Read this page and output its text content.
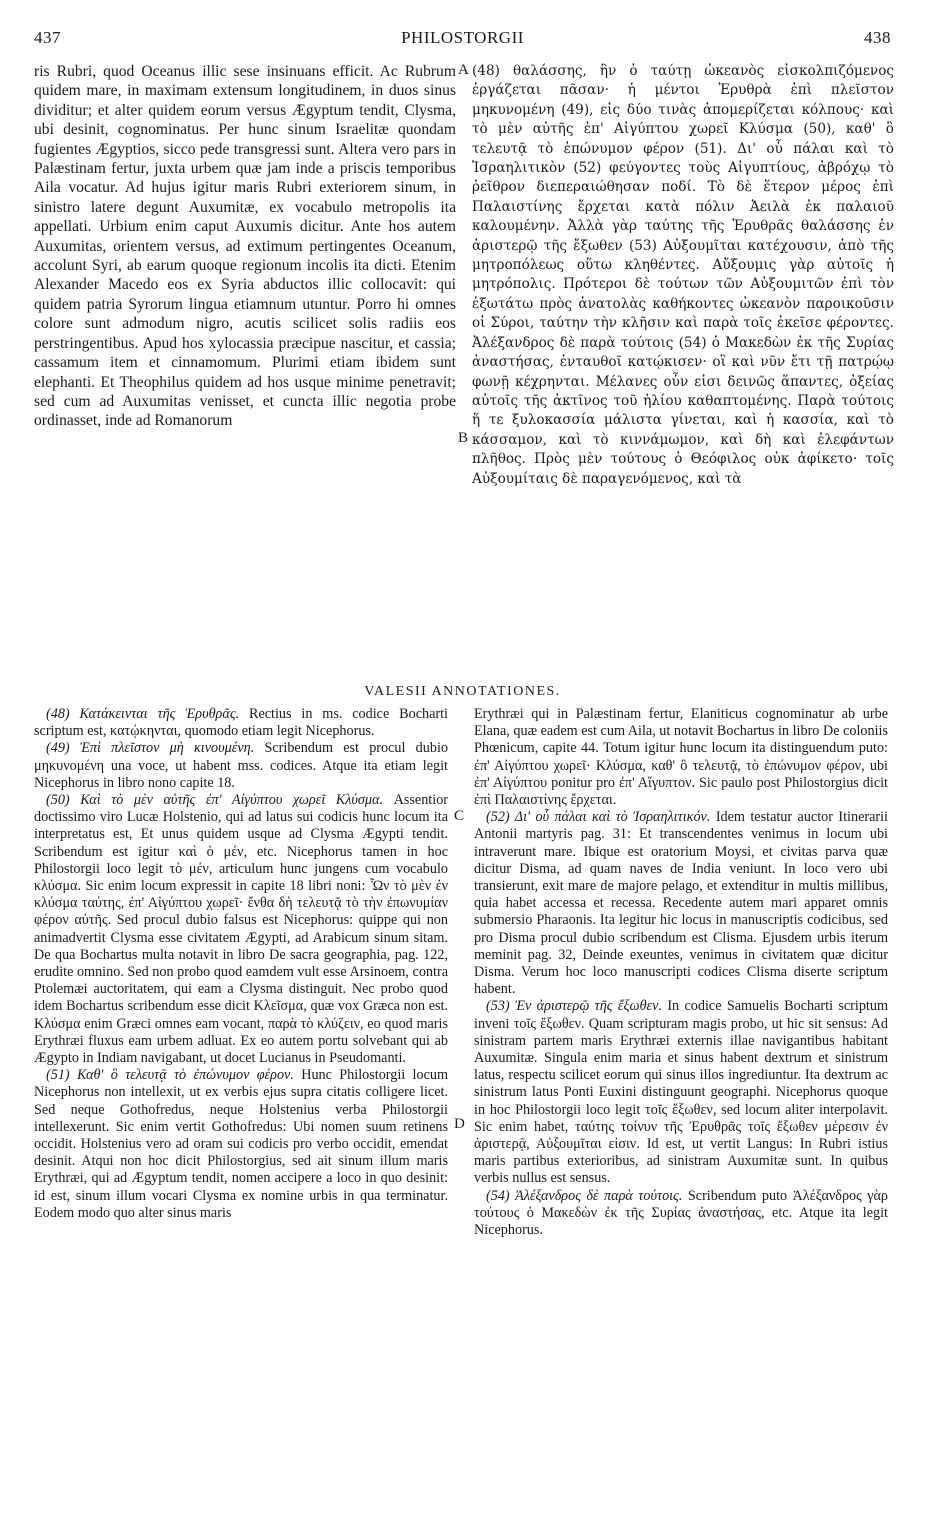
437	PHILOSTORGII	438

ris Rubri, quod Oceanus illic sese insinuans efficit. Ac Rubrum quidem mare, in maximam extensum longitudinem, in duos sinus dividitur; et alter quidem eorum versus Ægyptum tendit, Clysma, ubi desinit, cognominatus. Per hunc sinum Israelitæ quondam fugientes Ægyptios, sicco pede transgressi sunt. Altera vero pars in Palæstinam fertur, juxta urbem quæ jam inde a priscis temporibus Aila vocatur. Ad hujus igitur maris Rubri exteriorem sinum, in sinistro latere degunt Auxumitæ, ex vocabulo metropolis ita appellati. Urbium enim caput Auxumis dicitur. Ante hos autem Auxumitas, orientem versus, ad extimum pertingentes Oceanum, accolunt Syri, ab earum quoque regionum incolis ita dicti. Etenim Alexander Macedo eos ex Syria abductos illic collocavit: qui quidem patria Syrorum lingua etiamnum utuntur. Porro hi omnes colore sunt admodum nigro, acutis scilicet solis radiis eos perstringentibus. Apud hos xylocassia præcipue nascitur, et cassia; cassamum item et cinnamomum. Plurimi etiam ibidem sunt elephanti. Et Theophilus quidem ad hos usque minime penetravit; sed cum ad Auxumitas venisset, et cuncta illic negotia probe ordinasset, inde ad Romanorum

A
B

(48) θαλάσσης, ἣν ὁ ταύτῃ ὠκεανὸς εἰσκολπιζόμενος ἐργάζεται πᾶσαν· ἡ μέντοι Ἐρυθρὰ ἐπὶ πλεῖστον μηκυνομένη (49), εἰς δύο τινὰς ἀπομερίζεται κόλπους· καὶ τὸ μὲν αὐτῆς ἐπ' Αἰγύπτου χωρεῖ Κλύσμα (50), καθ' ὃ τελευτᾷ τὸ ἐπώνυμον φέρον (51). Δι' οὗ πάλαι καὶ τὸ Ἰσραηλιτικὸν (52) φεύγοντες τοὺς Αἰγυπτίους, ἀβρόχῳ τὸ ῥεῖθρον διεπεραιώθησαν ποδί. Τὸ δὲ ἕτερον μέρος ἐπὶ Παλαιστίνης ἔρχεται κατὰ πόλιν Ἀειλὰ ἐκ παλαιοῦ καλουμένην. Ἀλλὰ γὰρ ταύτης τῆς Ἐρυθρᾶς θαλάσσης ἐν ἀριστερῷ τῆς ἔξωθεν (53) Αὐξουμῖται κατέχουσιν, ἀπὸ τῆς μητροπόλεως οὕτω κληθέντες. Αὔξουμις γὰρ αὐτοῖς ἡ μητρόπολις. Πρότεροι δὲ τούτων τῶν Αὐξουμιτῶν ἐπὶ τὸν ἐξωτάτω πρὸς ἀνατολὰς καθήκοντες ὠκεανὸν παροικοῦσιν οἱ Σύροι, ταύτην τὴν κλῆσιν καὶ παρὰ τοῖς ἐκεῖσε φέροντες. Ἀλέξανδρος δὲ παρὰ τούτοις (54) ὁ Μακεδὼν ἐκ τῆς Συρίας ἀναστήσας, ἐνταυθοῖ κατῴκισεν· οἳ καὶ νῦν ἔτι τῇ πατρῴῳ φωνῇ κέχρηνται. Μέλανες οὖν εἰσι δεινῶς ἅπαντες, ὀξείας αὐτοῖς τῆς ἀκτῖνος τοῦ ἡλίου καθαπτομένης. Παρὰ τούτοις ἥ τε ξυλοκασσία μάλιστα γίνεται, καὶ ἡ κασσία, καὶ τὸ κάσσαμον, καὶ τὸ κιννάμωμον, καὶ δὴ καὶ ἐλεφάντων πλῆθος. Πρὸς μὲν τούτους ὁ Θεόφιλος οὐκ ἀφίκετο· τοῖς Αὐξουμίταις δὲ παραγενόμενος, καὶ τὰ

VALESII ANNOTATIONES.

(48) Κατάκεινται τῆς Ἐρυθρᾶς. Rectius in ms. codice Bocharti scriptum est, κατῴκηνται, quomodo etiam legit Nicephorus.

(49) Ἐπὶ πλεῖστον μὴ κινουμένη. Scribendum est procul dubio μηκυνομένη una voce, ut habent mss. codices. Atque ita etiam legit Nicephorus in libro nono capite 18.

(50) Καὶ τὸ μὲν αὐτῆς ἐπ' Αἰγύπτου χωρεῖ Κλύσμα. Assentior doctissimo viro Lucæ Holstenio, qui ad latus sui codicis hunc locum ita interpretatus est, Et unus quidem usque ad Clysma Ægypti tendit. Scribendum est igitur καὶ ὁ μέν, etc. Nicephorus tamen in hoc Philostorgii loco legit τὸ μέν, articulum hunc jungens cum vocabulo κλύσμα. Sic enim locum expressit in capite 18 libri noni: Ὧν τὸ μὲν ἐν κλύσμα ταύτης, ἐπ' Αἰγύπτου χωρεῖ· ἔνθα δὴ τελευτᾷ τὸ τὴν ἐπωνυμίαν φέρον αὐτῆς. Sed procul dubio falsus est Nicephorus: quippe qui non animadvertit Clysma esse civitatem Ægypti, ad Arabicum sinum sitam. De qua Bochartus multa notavit in libro De sacra geographia, pag. 122, erudite omnino. Sed non probo quod eamdem vult esse Arsinoem, contra Ptolemæi auctoritatem, qui eam a Clysma distinguit. Nec probo quod idem Bochartus scribendum esse dicit Κλεῖσμα, quæ vox Græca non est. Κλύσμα enim Græci omnes eam vocant, παρὰ τὸ κλύζειν, eo quod maris Erythræi fluxus eam urbem adluat. Ex eo autem portu solvebant qui ab Ægypto in Indiam navigabant, ut docet Lucianus in Pseudomanti.

(51) Καθ' ὃ τελευτᾷ τὸ ἐπώνυμον φέρον. Hunc Philostorgii locum Nicephorus non intellexit, ut ex verbis ejus supra citatis colligere licet. Sed neque Gothofredus, neque Holstenius verba Philostorgii intellexerunt. Sic enim vertit Gothofredus: Ubi nomen suum retinens occidit. Holstenius vero ad oram sui codicis pro verbo occidit, emendat desinit. Atqui non hoc dicit Philostorgius, sed ait sinum illum maris Erythræi, qui ad Ægyptum tendit, nomen accipere a loco in quo desinit: id est, sinum illum vocari Clysma ex nomine urbis in qua terminatur. Eodem modo quo alter sinus maris

C
D

Erythræi qui in Palæstinam fertur, Elaniticus cognominatur ab urbe Elana, quæ eadem est cum Aila, ut notavit Bochartus in libro De coloniis Phœnicum, capite 44. Totum igitur hunc locum ita distinguendum puto: ἐπ' Αἰγύπτου χωρεῖ· Κλύσμα, καθ' ὃ τελευτᾷ, τὸ ἐπώνυμον φέρον, ubi ἐπ' Αἰγύπτου ponitur pro ἐπ' Αἴγυπτον. Sic paulo post Philostorgius dicit ἐπὶ Παλαιστίνης ἔρχεται.

(52) Δι' οὗ πάλαι καὶ τὸ Ἰσραηλιτικόν. Idem testatur auctor Itinerarii Antonii martyris pag. 31: Et transcendentes venimus in locum ubi intraverunt mare. Ibique est oratorium Moysi, et civitas parva quæ dicitur Disma, ad quam naves de India veniunt. In loco vero ubi transierunt, exit mare de majore pelago, et extenditur in multis millibus, quia habet accessa et recessa. Recedente autem mari apparet omnis submersio Pharaonis. Ita legitur hic locus in manuscriptis codicibus, sed pro Disma procul dubio scribendum est Clisma. Ejusdem urbis iterum meminit pag. 32, Deinde exeuntes, venimus in civitatem quæ dicitur Disma. Verum hoc loco manuscripti codices Clisma diserte scriptum habent.

(53) Ἐν ἀριστερῷ τῆς ἔξωθεν. In codice Samuelis Bocharti scriptum inveni τοῖς ἔξωθεν. Quam scripturam magis probo, ut hic sit sensus: Ad sinistram partem maris Erythræi externis illae navigantibus habitant Auxumitæ. Singula enim maria et sinus habent dextrum et sinistrum latus, respectu scilicet eorum qui sinus illos ingrediuntur. Ita dextrum ac sinistrum latus Ponti Euxini distinguunt geographi. Nicephorus quoque in hoc Philostorgii loco legit τοῖς ἔξωθεν, sed locum aliter interpolavit. Sic enim habet, ταύτης τοίνυν τῆς Ἐρυθρᾶς τοῖς ἔξωθεν μέρεσιν ἐν ἀριστερᾷ, Αὐξουμῖται εἰσιν. Id est, ut vertit Langus: In Rubri istius maris partibus exterioribus, ad sinistram Auxumitæ sunt. In quibus verbis nullus est sensus.

(54) Ἀλέξανδρος δὲ παρὰ τούτοις. Scribendum puto Ἀλέξανδρος γὰρ τούτους ὁ Μακεδὼν ἐκ τῆς Συρίας ἀναστήσας, etc. Atque ita legit Nicephorus.
